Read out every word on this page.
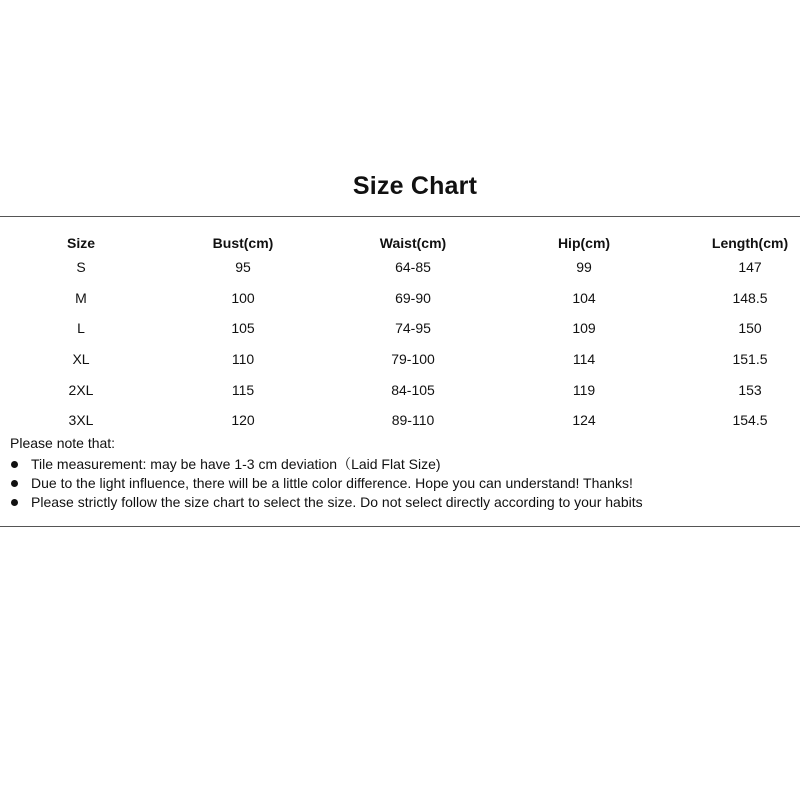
Size Chart
Size	Bust(cm)	Waist(cm)	Hip(cm)	Length(cm)
S	95	64-85	99	147
M	100	69-90	104	148.5
L	105	74-95	109	150
XL	110	79-100	114	151.5
2XL	115	84-105	119	153
3XL	120	89-110	124	154.5
Please note that:
Tile measurement: may be have 1-3 cm deviation（Laid Flat Size)
Due to the light influence, there will be a little color difference. Hope you can understand! Thanks!
Please strictly follow the size chart to select the size. Do not select directly according to your habits
